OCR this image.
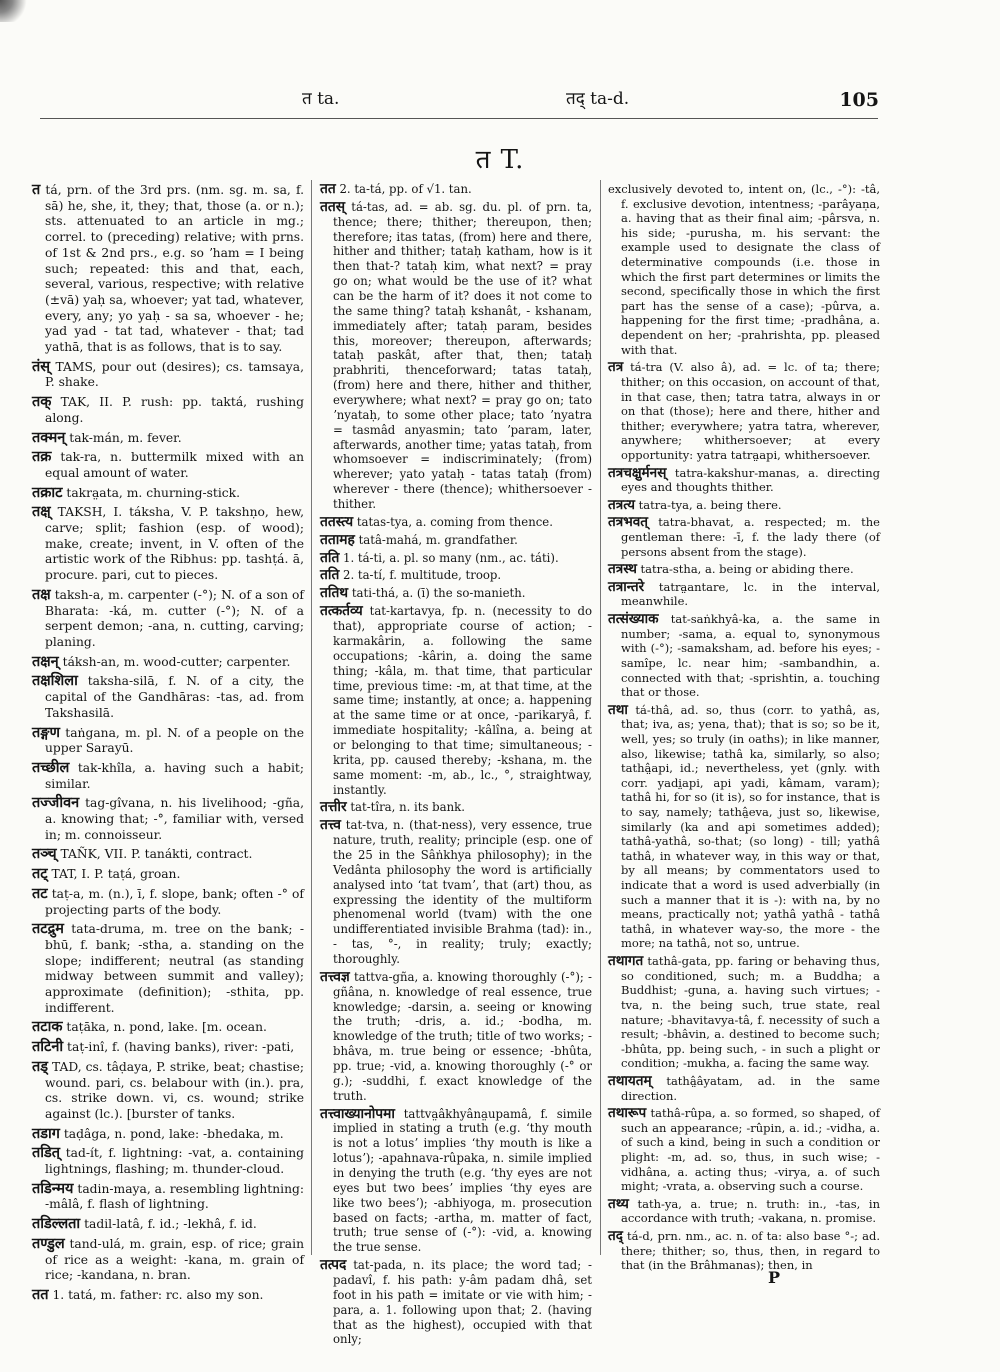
त ta.	तद् ta-d.	105
त T.

त tá, prn. of the 3rd prs. (nm. sg. m. sa, f. sā) he, she, it, they; that, those (a. or n.); sts. attenuated to an article in mg.; correl. to (preceding) relative; with prns. of 1st & 2nd prs., e.g. so ʼham = I being such; repeated: this and that, each, several, various, respective; with relative (±vā) yaḥ sa, whoever; yat tad, whatever, every, any; yo yaḥ - sa sa, whoever - he; yad yad - tat tad, whatever - that; tad yathā, that is as follows, that is to say.

तंस् TAMS, pour out (desires); cs. tamsaya, P. shake.

तक् TAK, II. P. rush: pp. taktá, rushing along.

तक्मन् tak-mán, m. fever.

तक्र tak-ra, n. buttermilk mixed with an equal amount of water.

तक्राट takra̤ata, m. churning-stick.

तक्ष् TAKSH, I. táksha, V. P. takshṇo, hew, carve; split; fashion (esp. of wood); make, create; invent, in V. often of the artistic work of the Ribhus: pp. tashṭá. ā, procure. pari, cut to pieces.

तक्ष taksh-a, m. carpenter (-°); N. of a son of Bharata: -ká, m. cutter (-°); N. of a serpent demon; -ana, n. cutting, carving; planing.

तक्षन् táksh-an, m. wood-cutter; carpenter.

तक्षशिला taksha-silā, f. N. of a city, the capital of the Gandhāras: -tas, ad. from Takshasilā.

तङ्गण taṅgana, m. pl. N. of a people on the upper Sarayū.

तच्छील tak-khîla, a. having such a habit; similar.

तज्जीवन tag-gîvana, n. his livelihood; -gña, a. knowing that; -°, familiar with, versed in; m. connoisseur.

तञ्च् TAÑK, VII. P. tanákti, contract.

तट् TAT, I. P. taṭá, groan.

तट taṭ-a, m. (n.), ī, f. slope, bank; often -° of projecting parts of the body.

तटद्रुम tata-druma, m. tree on the bank; -bhū, f. bank; -stha, a. standing on the slope; indifferent; neutral (as standing midway between summit and valley); approximate (definition); -sthita, pp. indifferent.

तटाक taṭāka, n. pond, lake. [m. ocean.

तटिनी taṭ-inî, f. (having banks), river: -pati,

तड् TAD, cs. tâḍaya, P. strike, beat; chastise; wound. pari, cs. belabour with (in.). pra, cs. strike down. vi, cs. wound; strike against (lc.). [burster of tanks.

तडाग taḍâga, n. pond, lake: -bhedaka, m.

तडित् tad-ít, f. lightning: -vat, a. containing lightnings, flashing; m. thunder-cloud.

तडिन्मय tadin-maya, a. resembling lightning: -mâlâ, f. flash of lightning.

तडिल्लता tadil-latâ, f. id.; -lekhâ, f. id.

तण्डुल tand-ulá, m. grain, esp. of rice; grain of rice as a weight: -kana, m. grain of rice; -kandana, n. bran.

तत 1. tatá, m. father: rc. also my son.

तत 2. ta-tá, pp. of √1. tan.

ततस् tá-tas, ad. = ab. sg. du. pl. of prn. ta, thence; there; thither; thereupon, then; therefore; itas tatas, (from) here and there, hither and thither; tataḥ katham, how is it then that-? tataḥ kim, what next? = pray go on; what would be the use of it? what can be the harm of it? does it not come to the same thing? tataḥ kshanât, - kshanam, immediately after; tataḥ param, besides this, moreover; thereupon, afterwards; tataḥ paskât, after that, then; tataḥ prabhriti, thenceforward; tatas tataḥ, (from) here and there, hither and thither, everywhere; what next? = pray go on; tato ʼnyataḥ, to some other place; tato ʼnyatra = tasmâd anyasmin; tato ʼparam, later, afterwards, another time; yatas tataḥ, from whomsoever = indiscriminately; (from) wherever; yato yataḥ - tatas tataḥ (from) wherever - there (thence); whithersoever - thither.

ततस्त्य tatas-tya, a. coming from thence.

ततामह tatâ-mahá, m. grandfather.

तति 1. tá-ti, a. pl. so many (nm., ac. táti).

तति 2. ta-tí, f. multitude, troop.

ततिथ tati-thá, a. (ī) the so-manieth.

तत्कर्तव्य tat-kartavya, fp. n. (necessity to do that), appropriate course of action; -karmakârin, a. following the same occupations; -kârin, a. doing the same thing; -kâla, m. that time, that particular time, previous time: -m, at that time, at the same time; instantly, at once; a. happening at the same time or at once, -parikaryâ, f. immediate hospitality; -kâlîna, a. being at or belonging to that time; simultaneous; -krita, pp. caused thereby; -kshana, m. the same moment: -m, ab., lc., °, straightway, instantly.

तत्तीर tat-tîra, n. its bank.

तत्त्व tat-tva, n. (that-ness), very essence, true nature, truth, reality; principle (esp. one of the 25 in the Sâṅkhya philosophy); in the Vedânta philosophy the word is artificially analysed into ʻtat tvamʼ, that (art) thou, as expressing the identity of the multiform phenomenal world (tvam) with the one undifferentiated invisible Brahma (tad): in., - tas, °-, in reality; truly; exactly; thoroughly.

तत्त्वज्ञ tattva-gña, a. knowing thoroughly (-°); -gñâna, n. knowledge of real essence, true knowledge; -darsin, a. seeing or knowing the truth; -dris, a. id.; -bodha, m. knowledge of the truth; title of two works; -bhâva, m. true being or essence; -bhûta, pp. true; -vid, a. knowing thoroughly (-° or g.); -suddhi, f. exact knowledge of the truth.

तत्त्वाख्यानोपमा tattva̤âkhyâna̤upamâ, f. simile implied in stating a truth (e.g. ʻthy mouth is not a lotusʼ implies ʻthy mouth is like a lotusʼ); -apahnava-rûpaka, n. simile implied in denying the truth (e.g. ʻthy eyes are not eyes but two beesʼ implies ʻthy eyes are like two beesʼ); -abhiyoga, m. prosecution based on facts; -artha, m. matter of fact, truth; true sense of (-°): -vid, a. knowing the true sense.

तत्पद tat-pada, n. its place; the word tad; -padavî, f. his path: y-âm padam dhâ, set foot in his path = imitate or vie with him; -para, a. 1. following upon that; 2. (having that as the highest), occupied with that only;

exclusively devoted to, intent on, (lc., -°): -tâ, f. exclusive devotion, intentness; -parâyaṇa, a. having that as their final aim; -pârsva, n. his side; -purusha, m. his servant: the example used to designate the class of determinative compounds (i.e. those in which the first part determines or limits the second, specifically those in which the first part has the sense of a case); -pûrva, a. happening for the first time; -pradhâna, a. dependent on her; -prahrishta, pp. pleased with that.

तत्र tá-tra (V. also â), ad. = lc. of ta; there; thither; on this occasion, on account of that, in that case, then; tatra tatra, always in or on that (those); here and there, hither and thither; everywhere; yatra tatra, wherever, anywhere; whithersoever; at every opportunity: yatra tatra̤api, whithersoever.

तत्रचक्षुर्मनस् tatra-kakshur-manas, a. directing eyes and thoughts thither.

तत्रत्य tatra-tya, a. being there.

तत्रभवत् tatra-bhavat, a. respected; m. the gentleman there: -ī, f. the lady there (of persons absent from the stage).

तत्रस्थ tatra-stha, a. being or abiding there.

तत्रान्तरे tatra̤antare, lc. in the interval, meanwhile.

तत्संख्याक tat-saṅkhyâ-ka, a. the same in number; -sama, a. equal to, synonymous with (-°); -samaksham, ad. before his eyes; -samîpe, lc. near him; -sambandhin, a. connected with that; -sprishtin, a. touching that or those.

तथा tá-thâ, ad. so, thus (corr. to yathâ, as, that; iva, as; yena, that); that is so; so be it, well, yes; so truly (in oaths); in like manner, also, likewise; tathâ ka, similarly, so also; tathâ̤api, id.; nevertheless, yet (gnly. with corr. yadi̤api, api yadi, kâmam, varam); tathâ hi, for so (it is), so for instance, that is to say, namely; tathâ̤eva, just so, likewise, similarly (ka and api sometimes added); tathâ-yathâ, so-that; (so long) - till; yathâ tathâ, in whatever way, in this way or that, by all means; by commentators used to indicate that a word is used adverbially (in such a manner that it is -): with na, by no means, practically not; yathâ yathâ - tathâ tathâ, in whatever way-so, the more - the more; na tathâ, not so, untrue.

तथागत tathâ-gata, pp. faring or behaving thus, so conditioned, such; m. a Buddha; a Buddhist; -guna, a. having such virtues; -tva, n. the being such, true state, real nature; -bhavitavya-tâ, f. necessity of such a result; -bhâvin, a. destined to become such; -bhûta, pp. being such, - in such a plight or condition; -mukha, a. facing the same way.

तथायतम् tathâ̤âyatam, ad. in the same direction.

तथारूप tathâ-rûpa, a. so formed, so shaped, of such an appearance; -rûpin, a. id.; -vidha, a. of such a kind, being in such a condition or plight: -m, ad. so, thus, in such wise; -vidhâna, a. acting thus; -virya, a. of such might; -vrata, a. observing such a course.

तथ्य tath-ya, a. true; n. truth: in., -tas, in accordance with truth; -vakana, n. promise.

तद् tá-d, prn. nm., ac. n. of ta: also base °-; ad. there; thither; so, thus, then, in regard to that (in the Brâhmanas); then, in

P
